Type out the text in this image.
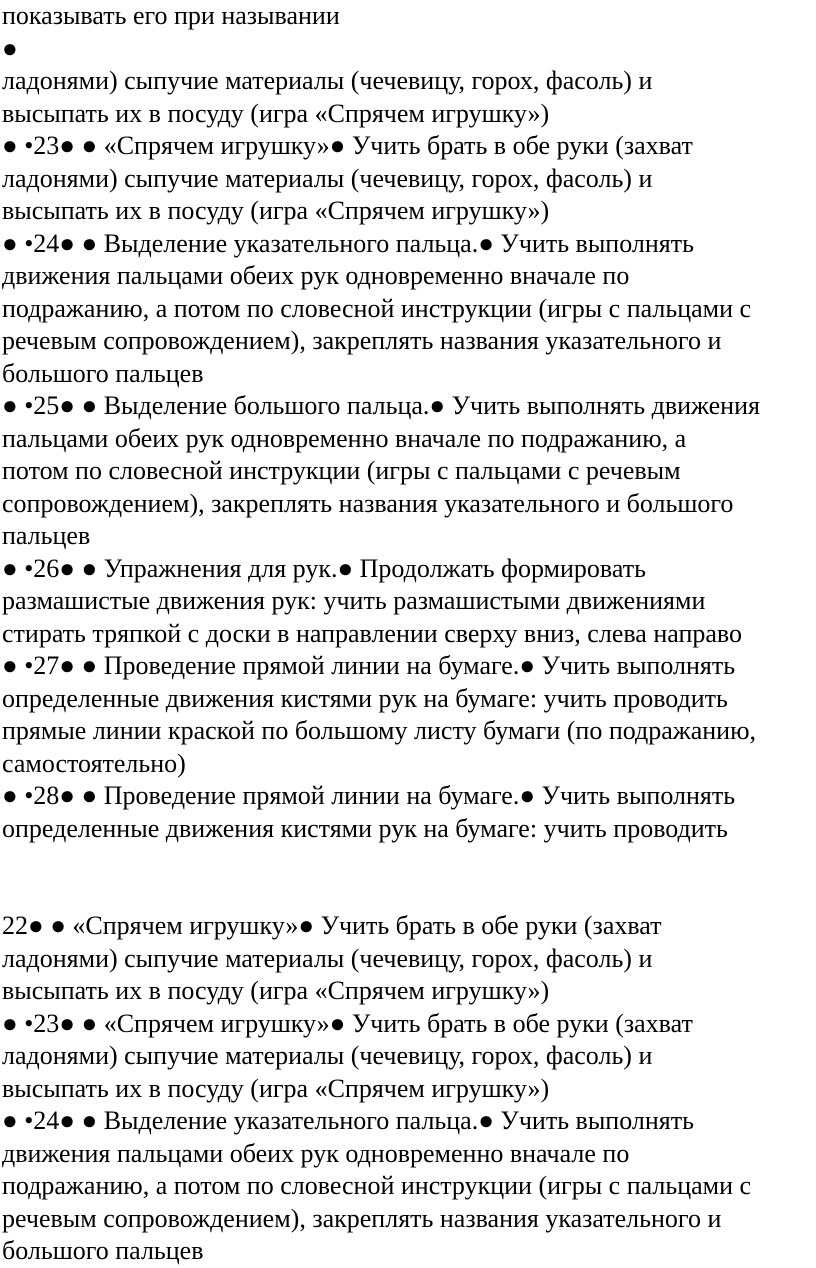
показывать его при назывании
●
ладонями) сыпучие материалы (чечевицу, горох, фасоль) и
высыпать их в посуду (игра «Спрячем игрушку»)
● •23● ● «Спрячем игрушку»● Учить брать в обе руки (захват
ладонями) сыпучие материалы (чечевицу, горох, фасоль) и
высыпать их в посуду (игра «Спрячем игрушку»)
● •24● ● Выделение указательного пальца.● Учить выполнять
движения пальцами обеих рук одновременно вначале по
подражанию, а потом по словесной инструкции (игры с пальцами с
речевым сопровождением), закреплять названия указательного и
большого пальцев
● •25● ● Выделение большого пальца.● Учить выполнять движения
пальцами обеих рук одновременно вначале по подражанию, а
потом по словесной инструкции (игры с пальцами с речевым
сопровождением), закреплять названия указательного и большого
пальцев
● •26● ● Упражнения для рук.● Продолжать формировать
размашистые движения рук: учить размашистыми движениями
стирать тряпкой с доски в направлении сверху вниз, слева направо
● •27● ● Проведение прямой линии на бумаге.● Учить выполнять
определенные движения кистями рук на бумаге: учить проводить
прямые линии краской по большому листу бумаги (по подражанию,
самостоятельно)
● •28● ● Проведение прямой линии на бумаге.● Учить выполнять
определенные движения кистями рук на бумаге: учить проводить
22● ● «Спрячем игрушку»● Учить брать в обе руки (захват
ладонями) сыпучие материалы (чечевицу, горох, фасоль) и
высыпать их в посуду (игра «Спрячем игрушку»)
● •23● ● «Спрячем игрушку»● Учить брать в обе руки (захват
ладонями) сыпучие материалы (чечевицу, горох, фасоль) и
высыпать их в посуду (игра «Спрячем игрушку»)
● •24● ● Выделение указательного пальца.● Учить выполнять
движения пальцами обеих рук одновременно вначале по
подражанию, а потом по словесной инструкции (игры с пальцами с
речевым сопровождением), закреплять названия указательного и
большого пальцев
